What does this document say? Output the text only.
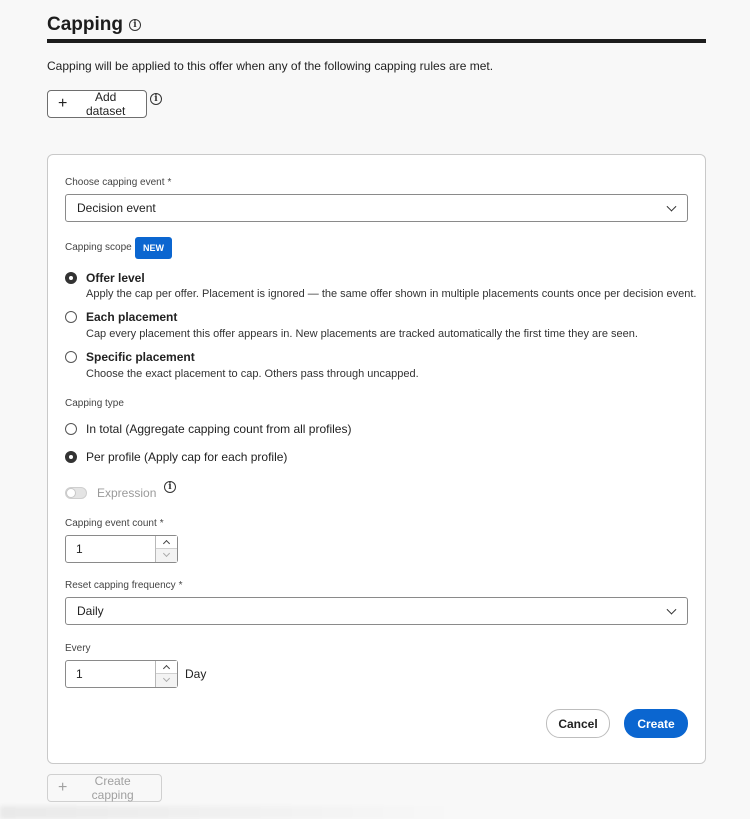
Capping	i
Capping will be applied to this offer when any of the following capping rules are met.
+	Add dataset
i
Choose capping event *
Decision event
Capping scope	NEW
Offer level
Apply the cap per offer. Placement is ignored — the same offer shown in multiple placements counts once per decision event.
Each placement
Cap every placement this offer appears in. New placements are tracked automatically the first time they are seen.
Specific placement
Choose the exact placement to cap. Others pass through uncapped.
Capping type
In total (Aggregate capping count from all profiles)
Per profile (Apply cap for each profile)
Expression	i
Capping event count *
1
Reset capping frequency *
Daily
Every
1	Day
Cancel	Create
+	Create capping
